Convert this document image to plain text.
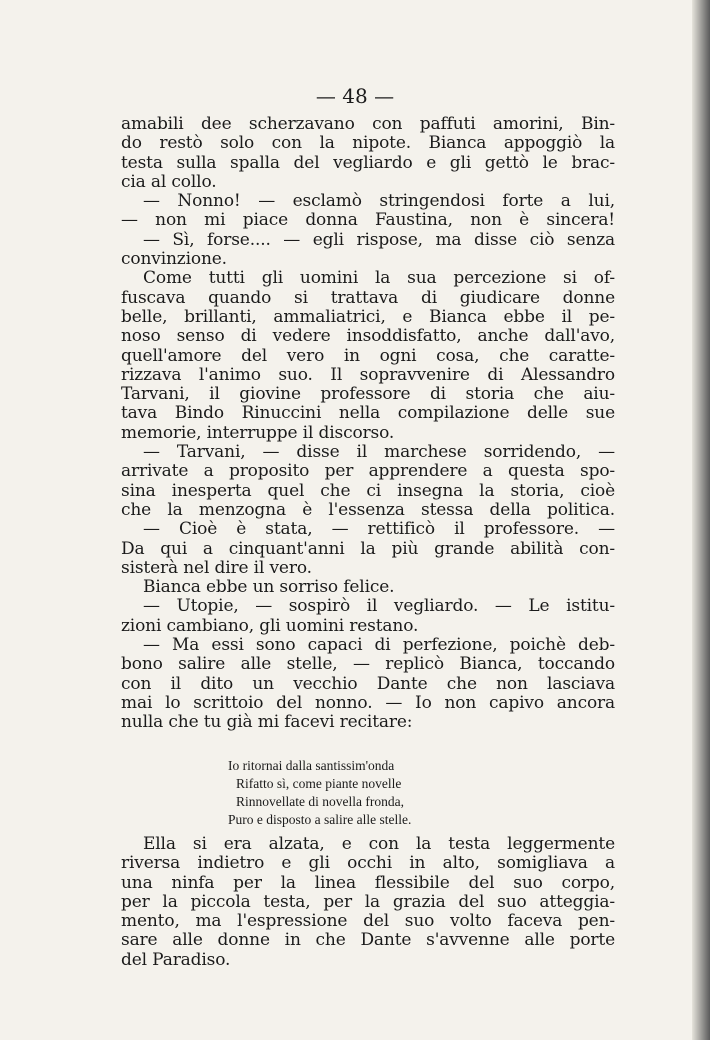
— 48 —
amabili dee scherzavano con paffuti amorini, Bin-
do restò solo con la nipote. Bianca appoggiò la
testa sulla spalla del vegliardo e gli gettò le brac-
cia al collo.
— Nonno! — esclamò stringendosi forte a lui,
— non mi piace donna Faustina, non è sincera!
— Sì, forse.... — egli rispose, ma disse ciò senza
convinzione.
Come tutti gli uomini la sua percezione si of-
fuscava quando si trattava di giudicare donne
belle, brillanti, ammaliatrici, e Bianca ebbe il pe-
noso senso di vedere insoddisfatto, anche dall'avo,
quell'amore del vero in ogni cosa, che caratte-
rizzava l'animo suo. Il sopravvenire di Alessandro
Tarvani, il giovine professore di storia che aiu-
tava Bindo Rinuccini nella compilazione delle sue
memorie, interruppe il discorso.
— Tarvani, — disse il marchese sorridendo, —
arrivate a proposito per apprendere a questa spo-
sina inesperta quel che ci insegna la storia, cioè
che la menzogna è l'essenza stessa della politica.
— Cioè è stata, — rettificò il professore. —
Da qui a cinquant'anni la più grande abilità con-
sisterà nel dire il vero.
Bianca ebbe un sorriso felice.
— Utopie, — sospirò il vegliardo. — Le istitu-
zioni cambiano, gli uomini restano.
— Ma essi sono capaci di perfezione, poichè deb-
bono salire alle stelle, — replicò Bianca, toccando
con il dito un vecchio Dante che non lasciava
mai lo scrittoio del nonno. — Io non capivo ancora
nulla che tu già mi facevi recitare:
Io ritornai dalla santissim'onda
Rifatto sì, come piante novelle
Rinnovellate di novella fronda,
Puro e disposto a salire alle stelle.
Ella si era alzata, e con la testa leggermente
riversa indietro e gli occhi in alto, somigliava a
una ninfa per la linea flessibile del suo corpo,
per la piccola testa, per la grazia del suo atteggia-
mento, ma l'espressione del suo volto faceva pen-
sare alle donne in che Dante s'avvenne alle porte
del Paradiso.
